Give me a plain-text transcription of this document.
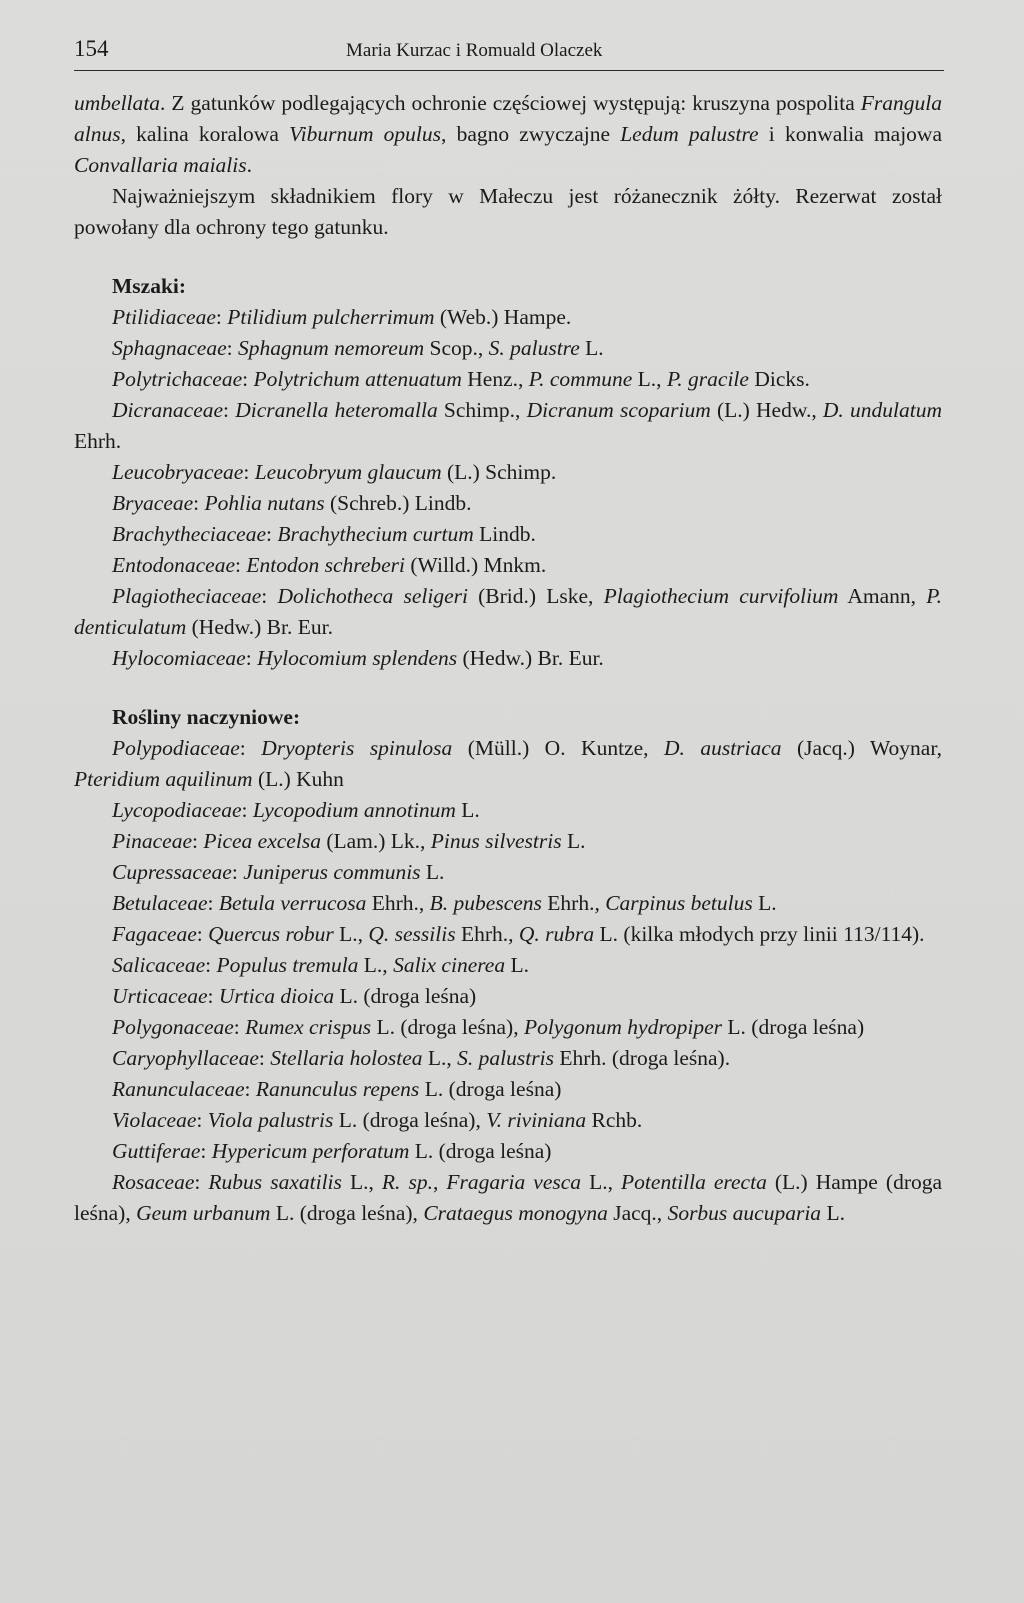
154	Maria Kurzac i Romuald Olaczek

umbellata. Z gatunków podlegających ochronie częściowej występują: kruszyna pospolita Frangula alnus, kalina koralowa Viburnum opulus, bagno zwyczajne Ledum palustre i konwalia majowa Convallaria maialis.

Najważniejszym składnikiem flory w Małeczu jest różanecznik żółty. Rezerwat został powołany dla ochrony tego gatunku.

Mszaki:

Ptilidiaceae: Ptilidium pulcherrimum (Web.) Hampe.

Sphagnaceae: Sphagnum nemoreum Scop., S. palustre L.

Polytrichaceae: Polytrichum attenuatum Henz., P. commune L., P. gracile Dicks.

Dicranaceae: Dicranella heteromalla Schimp., Dicranum scoparium (L.) Hedw., D. undulatum Ehrh.

Leucobryaceae: Leucobryum glaucum (L.) Schimp.

Bryaceae: Pohlia nutans (Schreb.) Lindb.

Brachytheciaceae: Brachythecium curtum Lindb.

Entodonaceae: Entodon schreberi (Willd.) Mnkm.

Plagiotheciaceae: Dolichotheca seligeri (Brid.) Lske, Plagiothecium curvifolium Amann, P. denticulatum (Hedw.) Br. Eur.

Hylocomiaceae: Hylocomium splendens (Hedw.) Br. Eur.

Rośliny naczyniowe:

Polypodiaceae: Dryopteris spinulosa (Müll.) O. Kuntze, D. austriaca (Jacq.) Woynar, Pteridium aquilinum (L.) Kuhn

Lycopodiaceae: Lycopodium annotinum L.

Pinaceae: Picea excelsa (Lam.) Lk., Pinus silvestris L.

Cupressaceae: Juniperus communis L.

Betulaceae: Betula verrucosa Ehrh., B. pubescens Ehrh., Carpinus betulus L.

Fagaceae: Quercus robur L., Q. sessilis Ehrh., Q. rubra L. (kilka młodych przy linii 113/114).

Salicaceae: Populus tremula L., Salix cinerea L.

Urticaceae: Urtica dioica L. (droga leśna)

Polygonaceae: Rumex crispus L. (droga leśna), Polygonum hydropiper L. (droga leśna)

Caryophyllaceae: Stellaria holostea L., S. palustris Ehrh. (droga leśna).

Ranunculaceae: Ranunculus repens L. (droga leśna)

Violaceae: Viola palustris L. (droga leśna), V. riviniana Rchb.

Guttiferae: Hypericum perforatum L. (droga leśna)

Rosaceae: Rubus saxatilis L., R. sp., Fragaria vesca L., Potentilla erecta (L.) Hampe (droga leśna), Geum urbanum L. (droga leśna), Crataegus monogyna Jacq., Sorbus aucuparia L.
